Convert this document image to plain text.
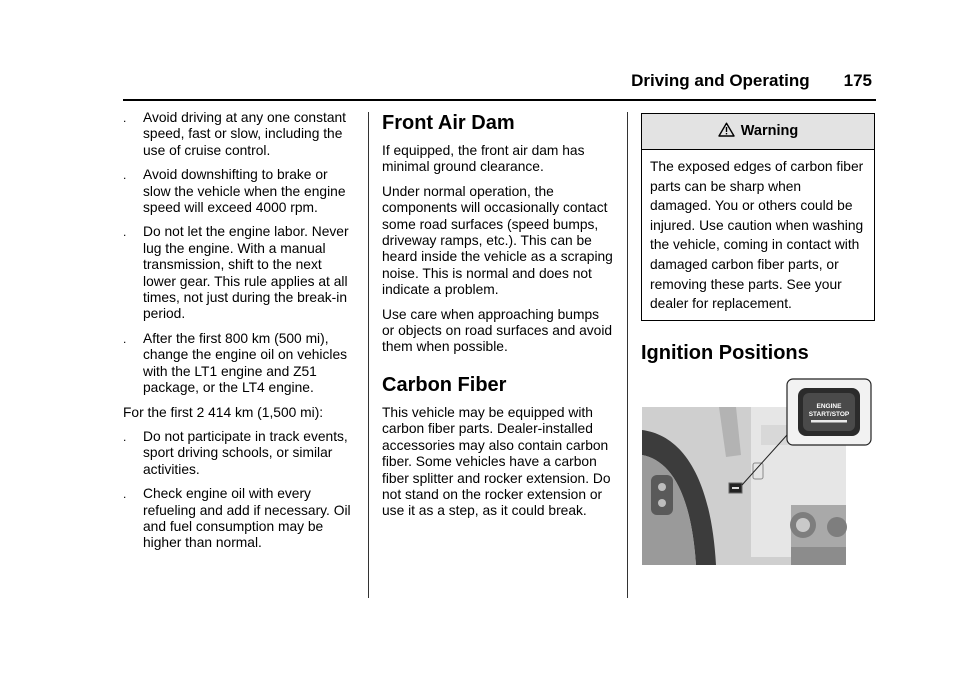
Driving and Operating 175
.	Avoid driving at any one constant speed, fast or slow, including the use of cruise control.
.	Avoid downshifting to brake or slow the vehicle when the engine speed will exceed 4000 rpm.
.	Do not let the engine labor. Never lug the engine. With a manual transmission, shift to the next lower gear. This rule applies at all times, not just during the break-in period.
.	After the first 800 km (500 mi), change the engine oil on vehicles with the LT1 engine and Z51 package, or the LT4 engine.

For the first 2 414 km (1,500 mi):

.	Do not participate in track events, sport driving schools, or similar activities.
.	Check engine oil with every refueling and add if necessary. Oil and fuel consumption may be higher than normal.
Front Air Dam

If equipped, the front air dam has minimal ground clearance.

Under normal operation, the components will occasionally contact some road surfaces (speed bumps, driveway ramps, etc.). This can be heard inside the vehicle as a scraping noise. This is normal and does not indicate a problem.

Use care when approaching bumps or objects on road surfaces and avoid them when possible.

Carbon Fiber

This vehicle may be equipped with carbon fiber parts. Dealer-installed accessories may also contain carbon fiber. Some vehicles have a carbon fiber splitter and rocker extension. Do not stand on the rocker extension or use it as a step, as it could break.

Warning
The exposed edges of carbon fiber parts can be sharp when damaged. You or others could be injured. Use caution when washing the vehicle, coming in contact with damaged carbon fiber parts, or removing these parts. See your dealer for replacement.
Ignition Positions
ENGINE
START/STOP
